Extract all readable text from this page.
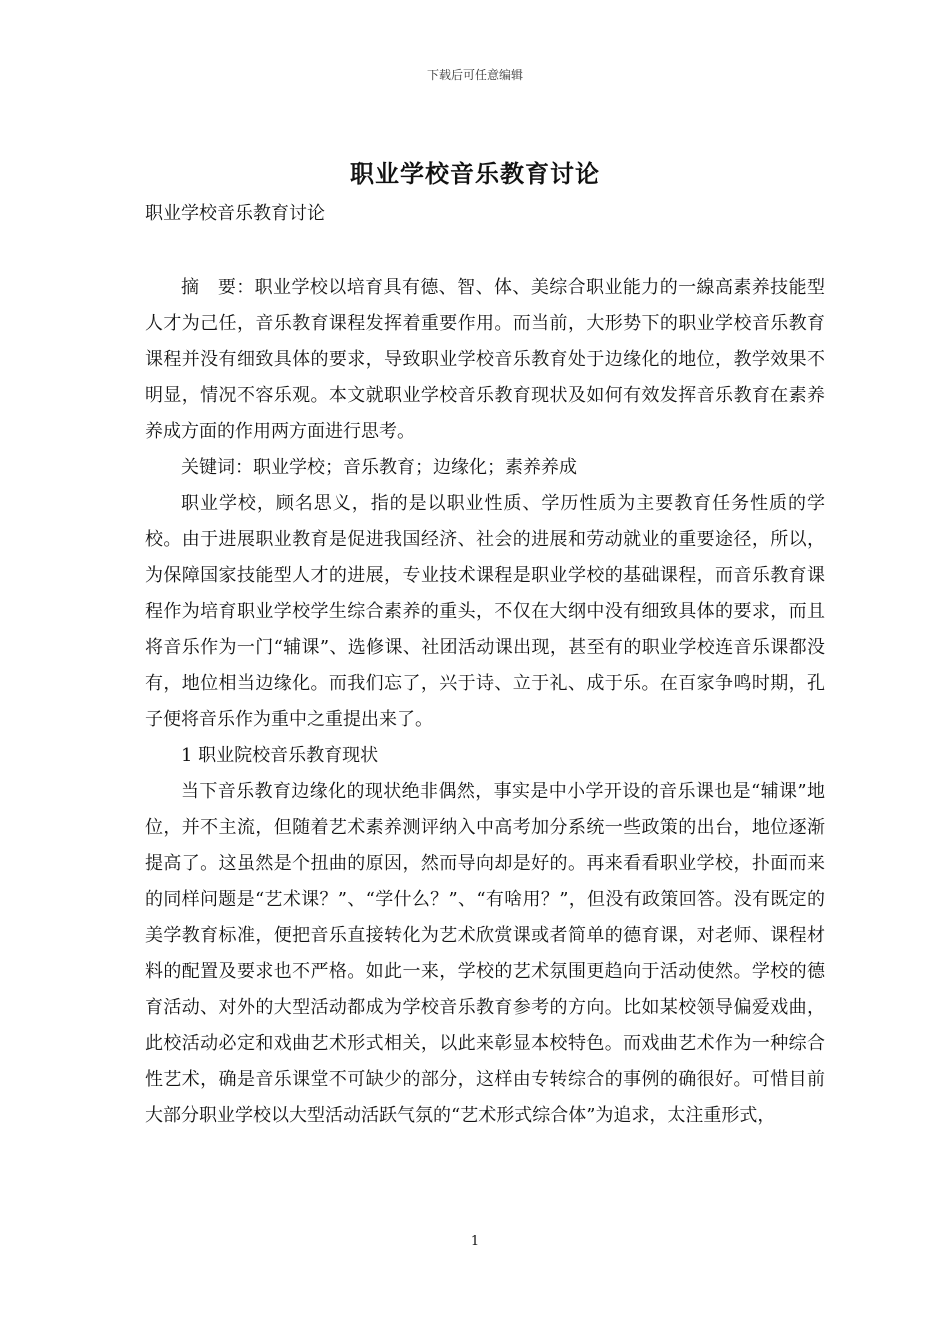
下载后可任意编辑
职业学校音乐教育讨论
职业学校音乐教育讨论

摘　要：职业学校以培育具有德、智、体、美综合职业能力的一線高素养技能型人才为己任，音乐教育课程发挥着重要作用。而当前，大形势下的职业学校音乐教育课程并没有细致具体的要求，导致职业学校音乐教育处于边缘化的地位，教学效果不明显，情况不容乐观。本文就职业学校音乐教育现状及如何有效发挥音乐教育在素养养成方面的作用两方面进行思考。

关键词：职业学校；音乐教育；边缘化；素养养成

职业学校，顾名思义，指的是以职业性质、学历性质为主要教育任务性质的学校。由于进展职业教育是促进我国经济、社会的进展和劳动就业的重要途径，所以，为保障国家技能型人才的进展，专业技术课程是职业学校的基础课程，而音乐教育课程作为培育职业学校学生综合素养的重头，不仅在大纲中没有细致具体的要求，而且将音乐作为一门“辅课”、选修课、社团活动课出现，甚至有的职业学校连音乐课都没有，地位相当边缘化。而我们忘了，兴于诗、立于礼、成于乐。在百家争鸣时期，孔子便将音乐作为重中之重提出来了。

1 职业院校音乐教育现状

当下音乐教育边缘化的现状绝非偶然，事实是中小学开设的音乐课也是“辅课”地位，并不主流，但随着艺术素养测评纳入中高考加分系统一些政策的出台，地位逐渐提高了。这虽然是个扭曲的原因，然而导向却是好的。再来看看职业学校，扑面而来的同样问题是“艺术课？”、“学什么？”、“有啥用？”，但没有政策回答。没有既定的美学教育标准，便把音乐直接转化为艺术欣赏课或者简单的德育课，对老师、课程材料的配置及要求也不严格。如此一来，学校的艺术氛围更趋向于活动使然。学校的德育活动、对外的大型活动都成为学校音乐教育参考的方向。比如某校领导偏爱戏曲，此校活动必定和戏曲艺术形式相关，以此来彰显本校特色。而戏曲艺术作为一种综合性艺术，确是音乐课堂不可缺少的部分，这样由专转综合的事例的确很好。可惜目前大部分职业学校以大型活动活跃气氛的“艺术形式综合体”为追求，太注重形式，

1
